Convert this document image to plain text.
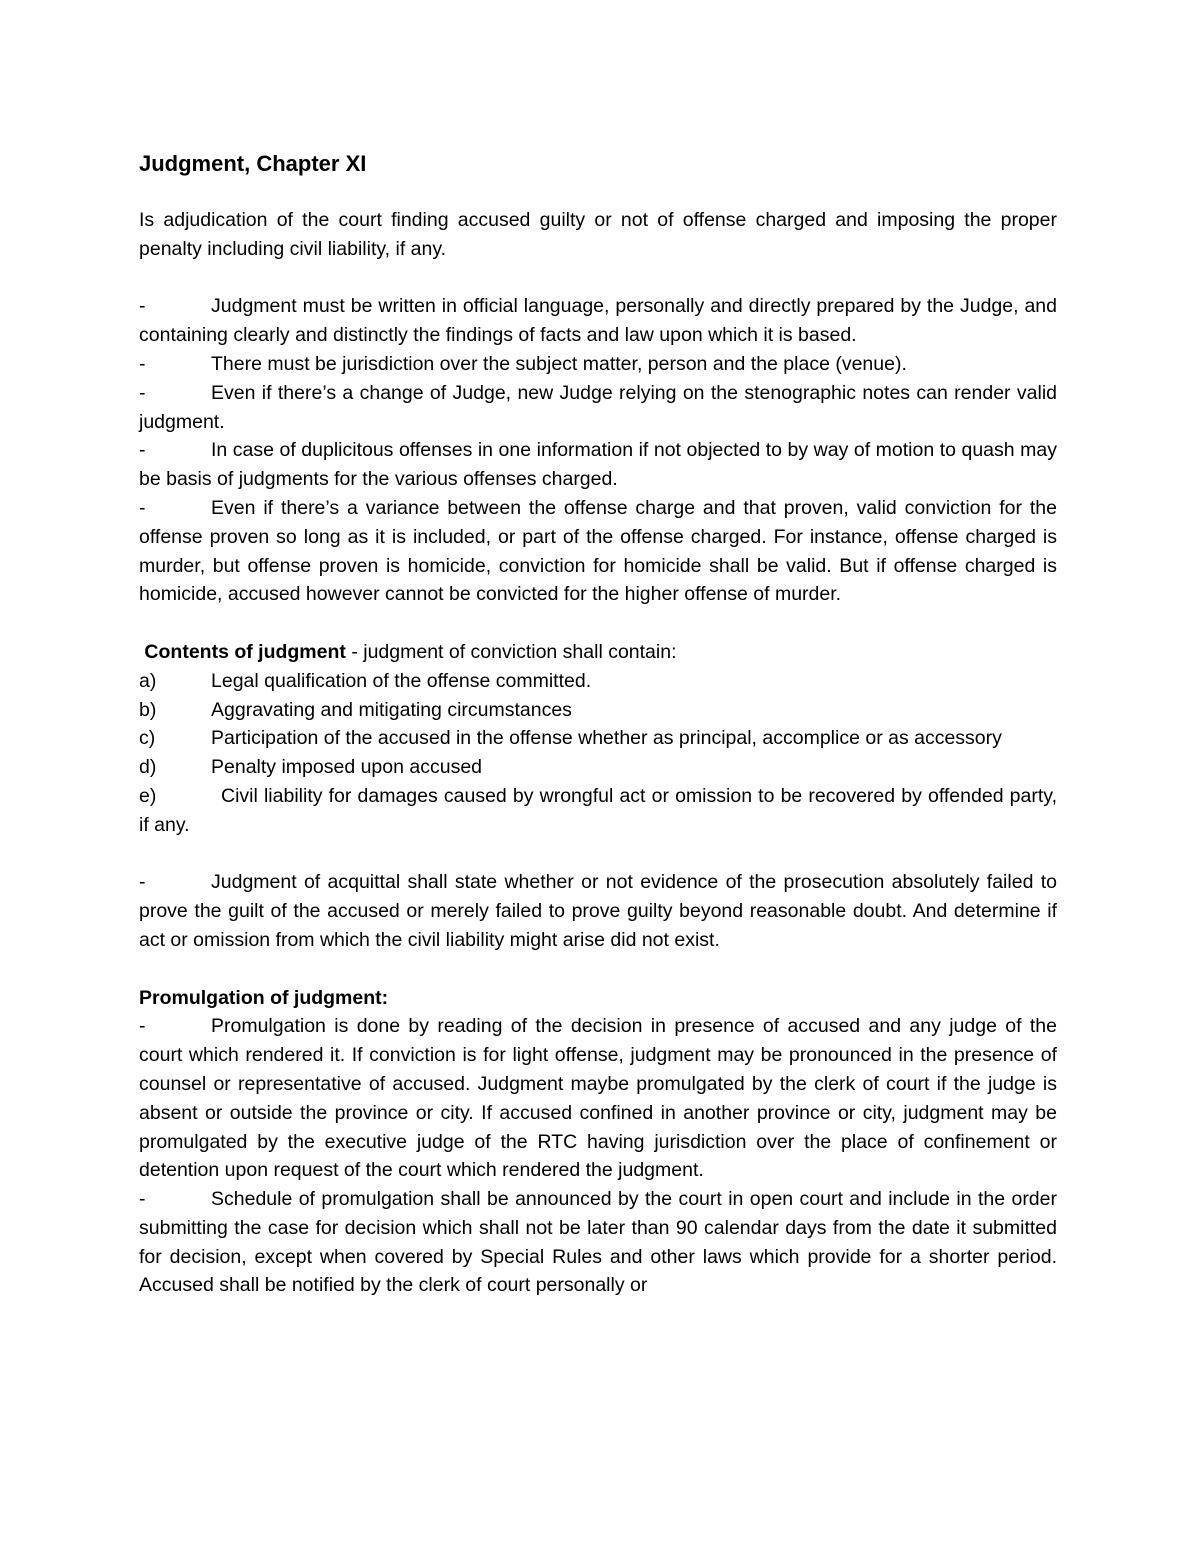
Judgment, Chapter XI

Is adjudication of the court finding accused guilty or not of offense charged and imposing the proper penalty including civil liability, if any.

-	Judgment must be written in official language, personally and directly prepared by the Judge, and containing clearly and distinctly the findings of facts and law upon which it is based.

-	There must be jurisdiction over the subject matter, person and the place (venue).

-	Even if there’s a change of Judge, new Judge relying on the stenographic notes can render valid judgment.

-	In case of duplicitous offenses in one information if not objected to by way of motion to quash may be basis of judgments for the various offenses charged.

-	Even if there’s a variance between the offense charge and that proven, valid conviction for the offense proven so long as it is included, or part of the offense charged. For instance, offense charged is murder, but offense proven is homicide, conviction for homicide shall be valid. But if offense charged is homicide, accused however cannot be convicted for the higher offense of murder.

Contents of judgment - judgment of conviction shall contain:

a)	Legal qualification of the offense committed.

b)	Aggravating and mitigating circumstances

c)	Participation of the accused in the offense whether as principal, accomplice or as accessory

d)	Penalty imposed upon accused

e)	Civil liability for damages caused by wrongful act or omission to be recovered by offended party, if any.

-	Judgment of acquittal shall state whether or not evidence of the prosecution absolutely failed to prove the guilt of the accused or merely failed to prove guilty beyond reasonable doubt. And determine if act or omission from which the civil liability might arise did not exist.

Promulgation of judgment:

-	Promulgation is done by reading of the decision in presence of accused and any judge of the court which rendered it. If conviction is for light offense, judgment may be pronounced in the presence of counsel or representative of accused. Judgment maybe promulgated by the clerk of court if the judge is absent or outside the province or city. If accused confined in another province or city, judgment may be promulgated by the executive judge of the RTC having jurisdiction over the place of confinement or detention upon request of the court which rendered the judgment.

-	Schedule of promulgation shall be announced by the court in open court and include in the order submitting the case for decision which shall not be later than 90 calendar days from the date it submitted for decision, except when covered by Special Rules and other laws which provide for a shorter period. Accused shall be notified by the clerk of court personally or
